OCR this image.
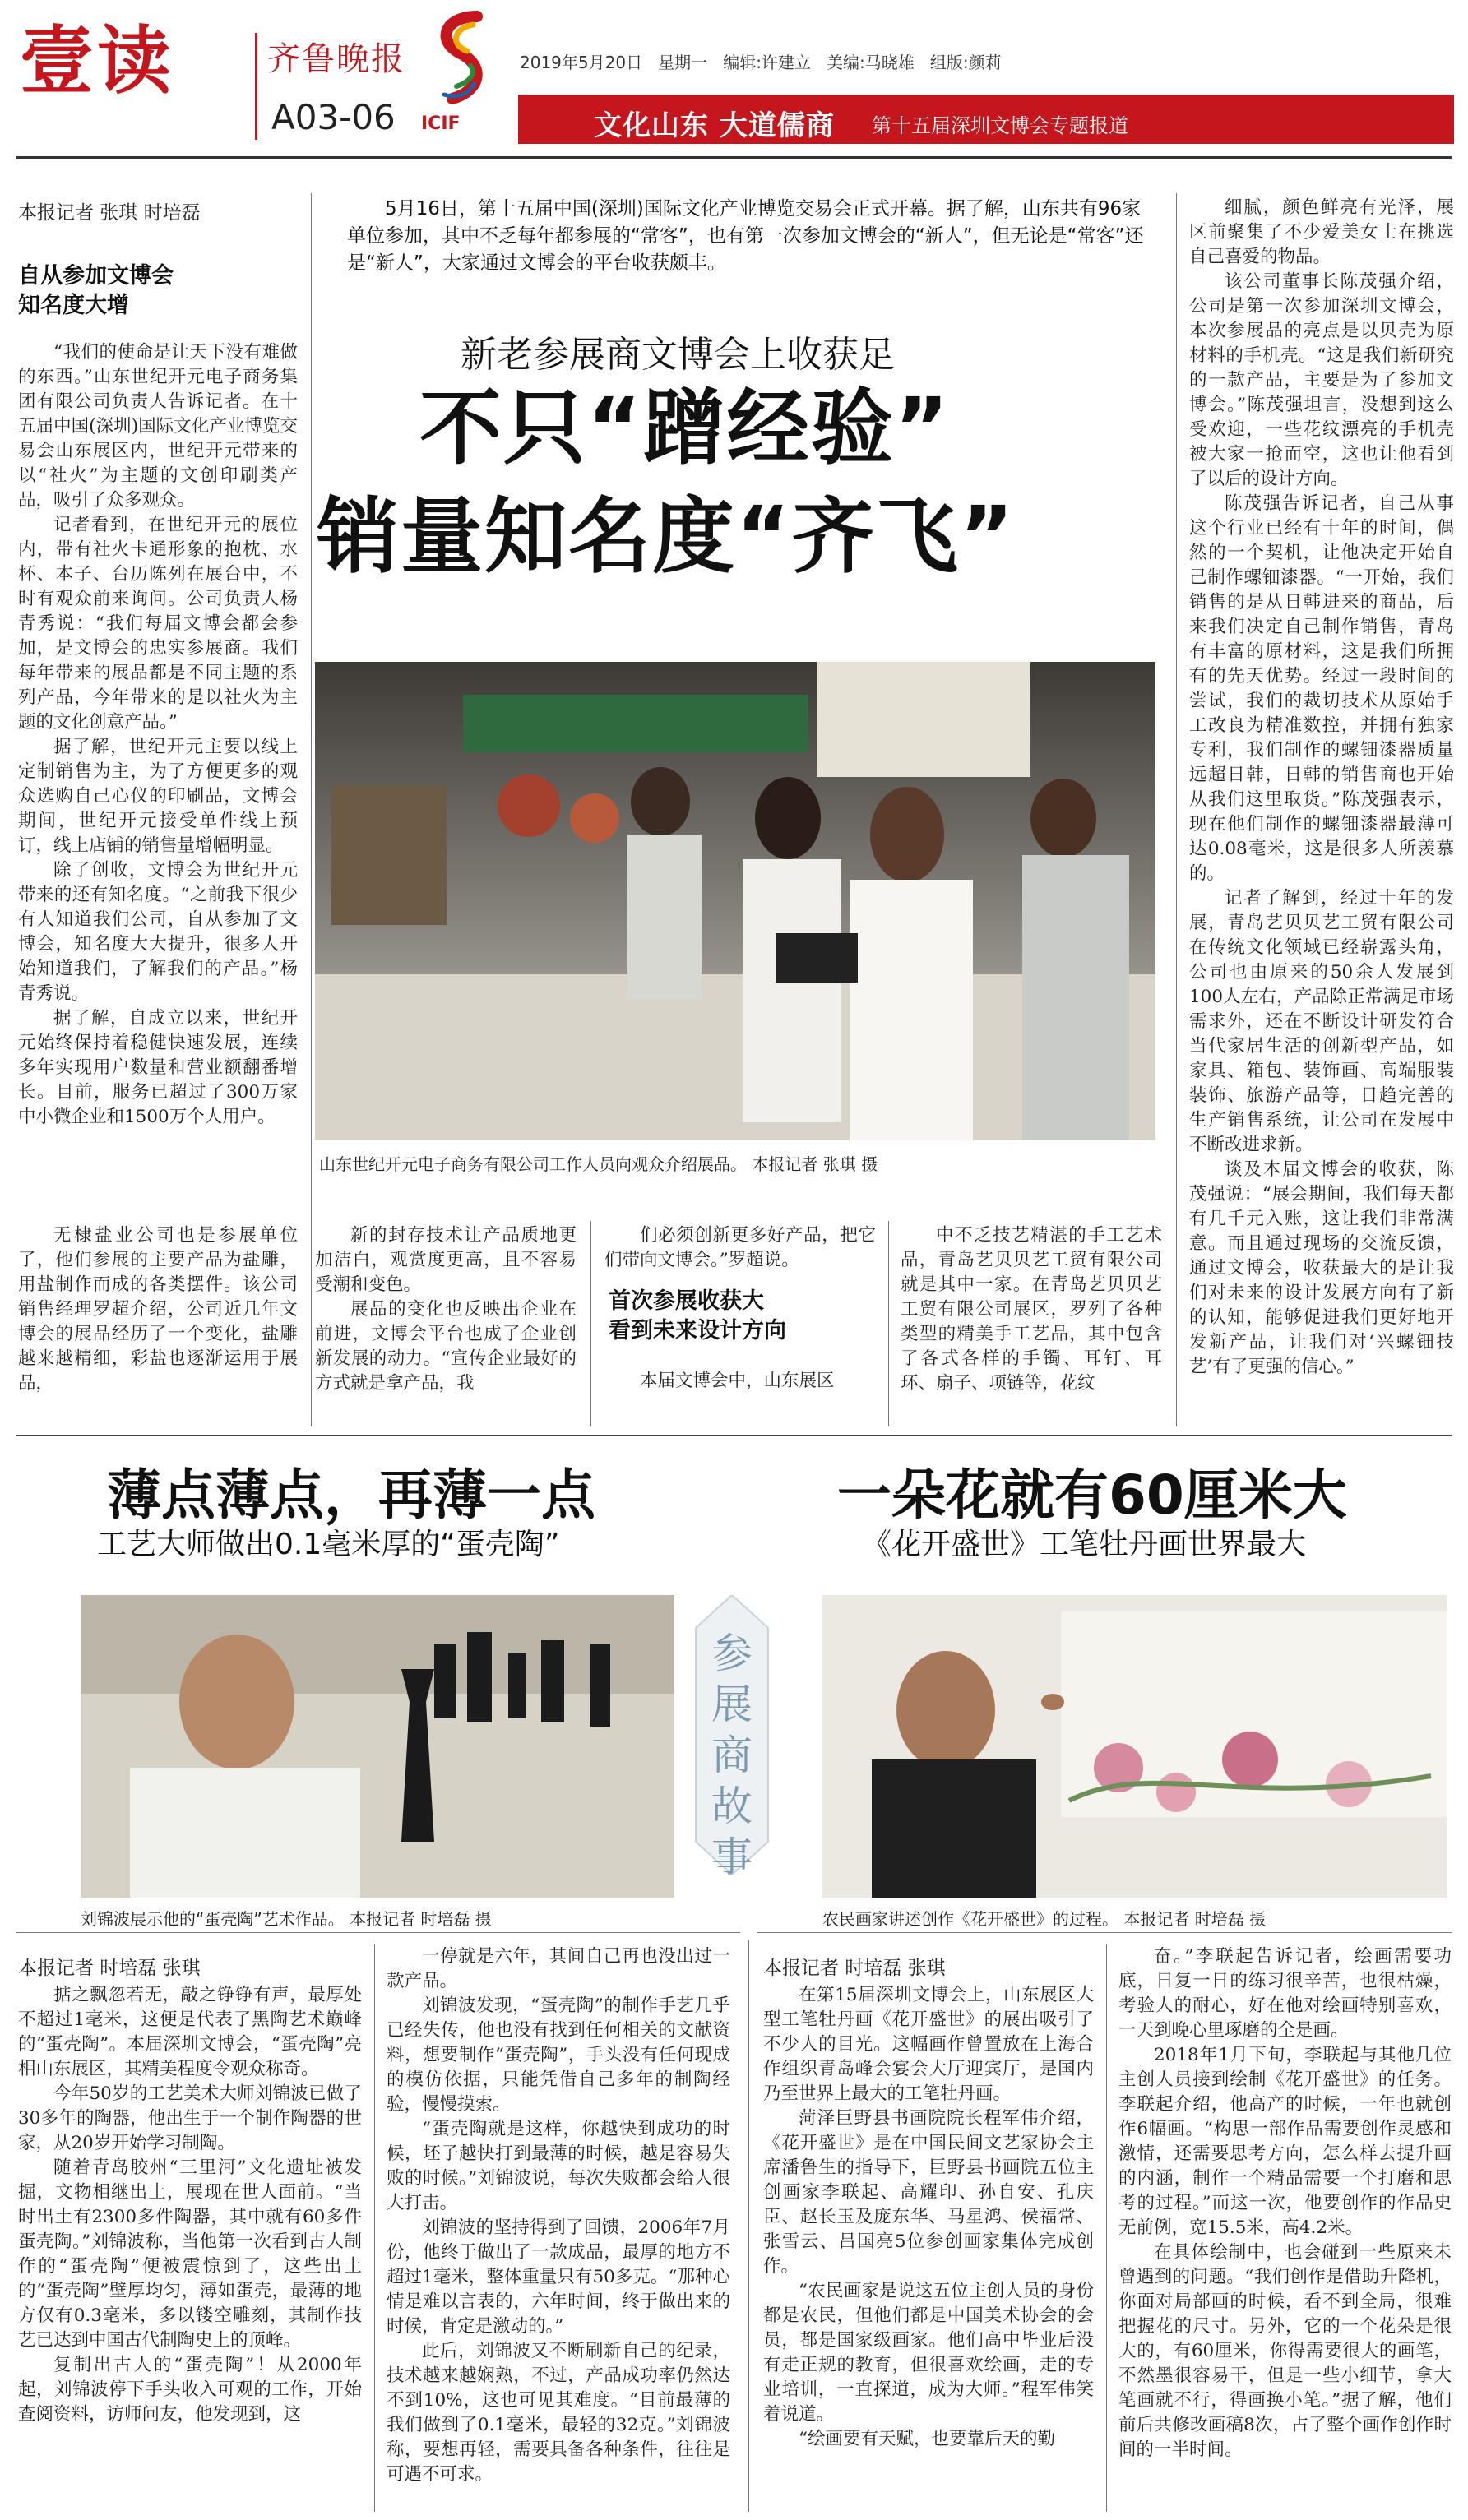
壹读	齐鲁晚报
A03-06 ICIF
2019年5月20日   星期一   编辑:许建立   美编:马晓雄   组版:颜莉
文化山东 大道儒商 第十五届深圳文博会专题报道
本报记者 张琪 时培磊	5月16日，第十五届中国(深圳)国际文化产业博览交易会正式开幕。据了解，山东共有96家单位参加，其中不乏每年都参展的“常客”，也有第一次参加文博会的“新人”，但无论是“常客”还是“新人”，大家通过文博会的平台收获颇丰。

新老参展商文博会上收获足
不只“蹭经验”
销量知名度“齐飞”
自从参加文博会
知名度大增

“我们的使命是让天下没有难做的东西。”山东世纪开元电子商务集团有限公司负责人告诉记者。在十五届中国(深圳)国际文化产业博览交易会山东展区内，世纪开元带来的以“社火”为主题的文创印刷类产品，吸引了众多观众。

记者看到，在世纪开元的展位内，带有社火卡通形象的抱枕、水杯、本子、台历陈列在展台中，不时有观众前来询问。公司负责人杨青秀说：“我们每届文博会都会参加，是文博会的忠实参展商。我们每年带来的展品都是不同主题的系列产品，今年带来的是以社火为主题的文化创意产品。”

据了解，世纪开元主要以线上定制销售为主，为了方便更多的观众选购自己心仪的印刷品，文博会期间，世纪开元接受单件线上预订，线上店铺的销售量增幅明显。

除了创收，文博会为世纪开元带来的还有知名度。“之前我下很少有人知道我们公司，自从参加了文博会，知名度大大提升，很多人开始知道我们，了解我们的产品。”杨青秀说。

据了解，自成立以来，世纪开元始终保持着稳健快速发展，连续多年实现用户数量和营业额翻番增长。目前，服务已超过了300万家中小微企业和1500万个人用户。

无棣盐业公司也是参展单位了，他们参展的主要产品为盐雕，用盐制作而成的各类摆件。该公司销售经理罗超介绍，公司近几年文博会的展品经历了一个变化，盐雕越来越精细，彩盐也逐渐运用于展品，

山东世纪开元电子商务有限公司工作人员向观众介绍展品。 本报记者 张琪 摄

新的封存技术让产品质地更加洁白，观赏度更高，且不容易受潮和变色。

展品的变化也反映出企业在前进，文博会平台也成了企业创新发展的动力。“宣传企业最好的方式就是拿产品，我

们必须创新更多好产品，把它们带向文博会。”罗超说。

首次参展收获大
看到未来设计方向

本届文博会中，山东展区

中不乏技艺精湛的手工艺术品，青岛艺贝贝艺工贸有限公司就是其中一家。在青岛艺贝贝艺工贸有限公司展区，罗列了各种类型的精美手工艺品，其中包含了各式各样的手镯、耳钉、耳环、扇子、项链等，花纹

细腻，颜色鲜亮有光泽，展区前聚集了不少爱美女士在挑选自己喜爱的物品。

该公司董事长陈茂强介绍，公司是第一次参加深圳文博会，本次参展品的亮点是以贝壳为原材料的手机壳。“这是我们新研究的一款产品，主要是为了参加文博会。”陈茂强坦言，没想到这么受欢迎，一些花纹漂亮的手机壳被大家一抢而空，这也让他看到了以后的设计方向。

陈茂强告诉记者，自己从事这个行业已经有十年的时间，偶然的一个契机，让他决定开始自己制作螺钿漆器。“一开始，我们销售的是从日韩进来的商品，后来我们决定自己制作销售，青岛有丰富的原材料，这是我们所拥有的先天优势。经过一段时间的尝试，我们的裁切技术从原始手工改良为精准数控，并拥有独家专利，我们制作的螺钿漆器质量远超日韩，日韩的销售商也开始从我们这里取货。”陈茂强表示，现在他们制作的螺钿漆器最薄可达0.08毫米，这是很多人所羡慕的。

记者了解到，经过十年的发展，青岛艺贝贝艺工贸有限公司在传统文化领域已经崭露头角，公司也由原来的50余人发展到100人左右，产品除正常满足市场需求外，还在不断设计研发符合当代家居生活的创新型产品，如家具、箱包、装饰画、高端服装装饰、旅游产品等，日趋完善的生产销售系统，让公司在发展中不断改进求新。

谈及本届文博会的收获，陈茂强说：“展会期间，我们每天都有几千元入账，这让我们非常满意。而且通过现场的交流反馈，通过文博会，收获最大的是让我们对未来的设计发展方向有了新的认知，能够促进我们更好地开发新产品，让我们对‘兴螺钿技艺’有了更强的信心。”

薄点薄点，再薄一点
工艺大师做出0.1毫米厚的“蛋壳陶”
刘锦波展示他的“蛋壳陶”艺术作品。 本报记者 时培磊 摄
本报记者 时培磊 张琪

掂之飘忽若无，敲之铮铮有声，最厚处不超过1毫米，这便是代表了黑陶艺术巅峰的“蛋壳陶”。本届深圳文博会，“蛋壳陶”亮相山东展区，其精美程度令观众称奇。

今年50岁的工艺美术大师刘锦波已做了30多年的陶器，他出生于一个制作陶器的世家，从20岁开始学习制陶。

随着青岛胶州“三里河”文化遗址被发掘，文物相继出土，展现在世人面前。“当时出土有2300多件陶器，其中就有60多件蛋壳陶。”刘锦波称，当他第一次看到古人制作的“蛋壳陶”便被震惊到了，这些出土的“蛋壳陶”壁厚均匀，薄如蛋壳，最薄的地方仅有0.3毫米，多以镂空雕刻，其制作技艺已达到中国古代制陶史上的顶峰。

复制出古人的“蛋壳陶”！从2000年起，刘锦波停下手头收入可观的工作，开始查阅资料，访师问友，他发现到，这

一停就是六年，其间自己再也没出过一款产品。

刘锦波发现，“蛋壳陶”的制作手艺几乎已经失传，他也没有找到任何相关的文献资料，想要制作“蛋壳陶”，手头没有任何现成的模仿依据，只能凭借自己多年的制陶经验，慢慢摸索。

“蛋壳陶就是这样，你越快到成功的时候，坯子越快打到最薄的时候，越是容易失败的时候。”刘锦波说，每次失败都会给人很大打击。

刘锦波的坚持得到了回馈，2006年7月份，他终于做出了一款成品，最厚的地方不超过1毫米，整体重量只有50多克。“那种心情是难以言表的，六年时间，终于做出来的时候，肯定是激动的。”

此后，刘锦波又不断刷新自己的纪录，技术越来越娴熟，不过，产品成功率仍然达不到10%，这也可见其难度。“目前最薄的我们做到了0.1毫米，最轻的32克。”刘锦波称，要想再轻，需要具备各种条件，往往是可遇不可求。

参展商故事
一朵花就有60厘米大
《花开盛世》工笔牡丹画世界最大
农民画家讲述创作《花开盛世》的过程。 本报记者 时培磊 摄
本报记者 时培磊 张琪

在第15届深圳文博会上，山东展区大型工笔牡丹画《花开盛世》的展出吸引了不少人的目光。这幅画作曾置放在上海合作组织青岛峰会宴会大厅迎宾厅，是国内乃至世界上最大的工笔牡丹画。

菏泽巨野县书画院院长程军伟介绍，《花开盛世》是在中国民间文艺家协会主席潘鲁生的指导下，巨野县书画院五位主创画家李联起、高耀印、孙自安、孔庆臣、赵长玉及庞东华、马星鸿、侯福常、张雪云、吕国亮5位参创画家集体完成创作。

“农民画家是说这五位主创人员的身份都是农民，但他们都是中国美术协会的会员，都是国家级画家。他们高中毕业后没有走正规的教育，但很喜欢绘画，走的专业培训，一直探道，成为大师。”程军伟笑着说道。

“绘画要有天赋，也要靠后天的勤

奋。”李联起告诉记者，绘画需要功底，日复一日的练习很辛苦，也很枯燥，考验人的耐心，好在他对绘画特别喜欢，一天到晚心里琢磨的全是画。

2018年1月下旬，李联起与其他几位主创人员接到绘制《花开盛世》的任务。李联起介绍，他高产的时候，一年也就创作6幅画。“构思一部作品需要创作灵感和激情，还需要思考方向，怎么样去提升画的内涵，制作一个精品需要一个打磨和思考的过程。”而这一次，他要创作的作品史无前例，宽15.5米，高4.2米。

在具体绘制中，也会碰到一些原来未曾遇到的问题。“我们创作是借助升降机，你面对局部画的时候，看不到全局，很难把握花的尺寸。另外，它的一个花朵是很大的，有60厘米，你得需要很大的画笔，不然墨很容易干，但是一些小细节，拿大笔画就不行，得画换小笔。”据了解，他们前后共修改画稿8次，占了整个画作创作时间的一半时间。
